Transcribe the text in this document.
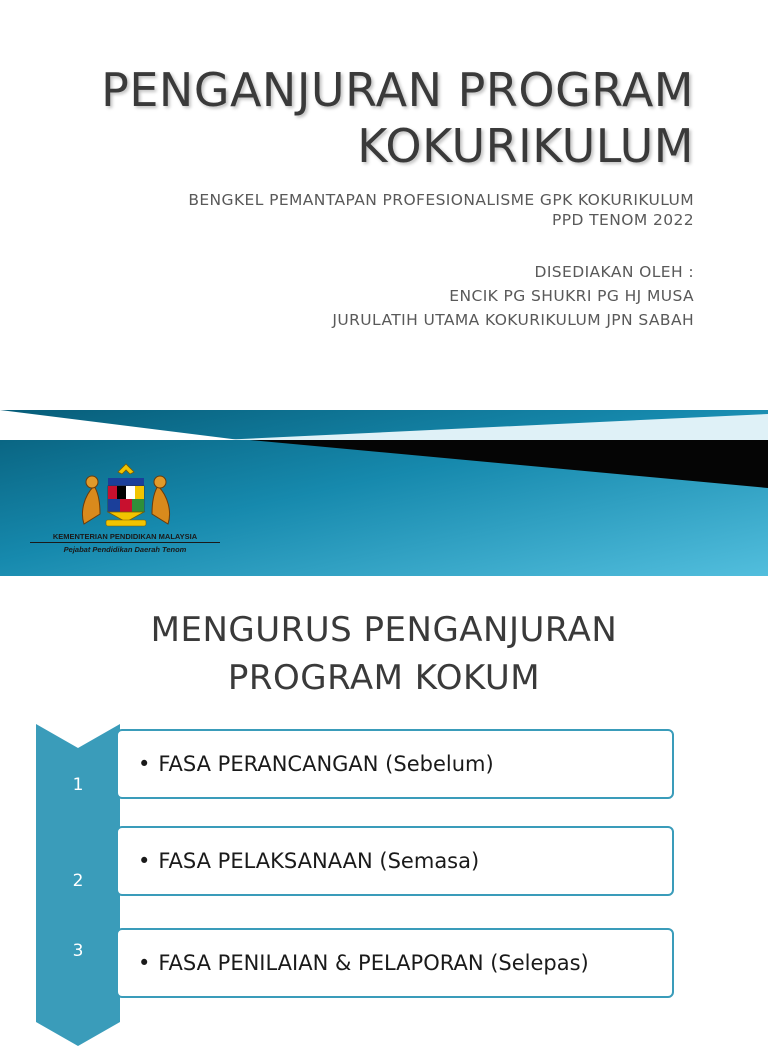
PENGANJURAN PROGRAM
KOKURIKULUM
BENGKEL PEMANTAPAN PROFESIONALISME GPK KOKURIKULUM
PPD TENOM 2022
DISEDIAKAN OLEH :
ENCIK PG SHUKRI PG HJ MUSA
JURULATIH UTAMA KOKURIKULUM JPN SABAH
KEMENTERIAN PENDIDIKAN MALAYSIA
Pejabat Pendidikan Daerah Tenom
MENGURUS PENGANJURAN
PROGRAM KOKUM
1
• FASA PERANCANGAN (Sebelum)
2
• FASA PELAKSANAAN (Semasa)
3	• FASA PENILAIAN & PELAPORAN (Selepas)
